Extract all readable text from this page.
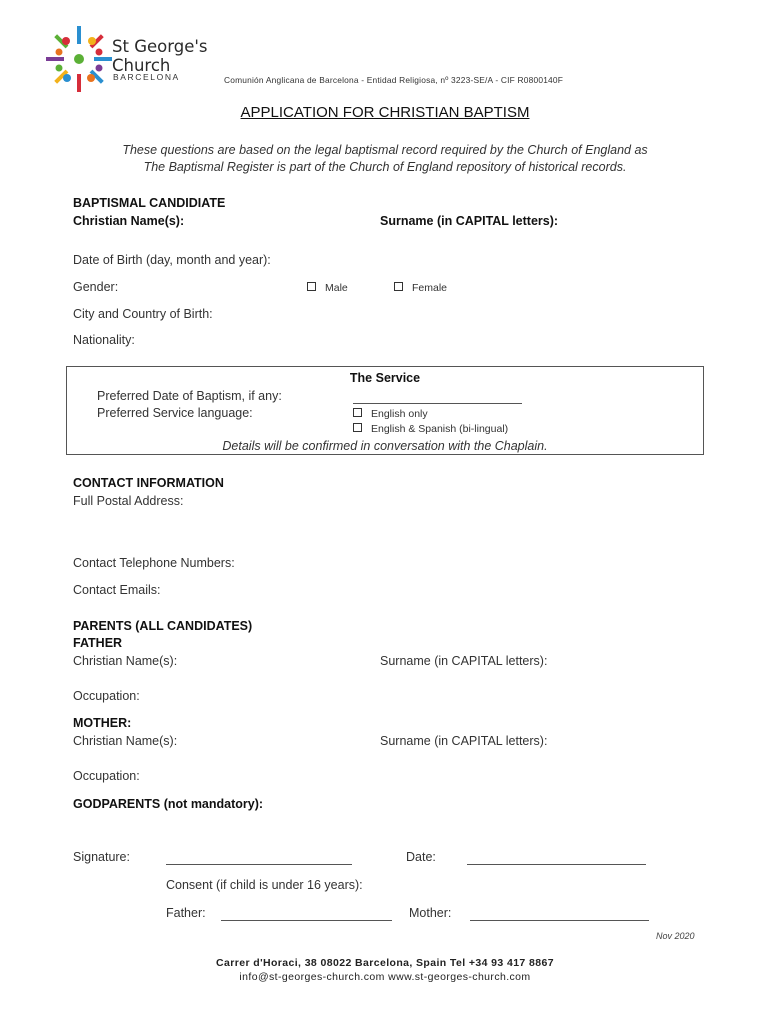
St George's
Church
BARCELONA	Comunión Anglicana de Barcelona - Entidad Religiosa, nº 3223-SE/A - CIF R0800140F
APPLICATION FOR CHRISTIAN BAPTISM
These questions are based on the legal baptismal record required by the Church of England as
The Baptismal Register is part of the Church of England repository of historical records.
BAPTISMAL CANDIDIATE
Christian Name(s):	Surname (in CAPITAL letters):
Date of Birth (day, month and year):
Gender:	Male	Female
City and Country of Birth:
Nationality:
The Service
Preferred Date of Baptism, if any:
Preferred Service language:	English only
English & Spanish (bi-lingual)
Details will be confirmed in conversation with the Chaplain.
CONTACT INFORMATION
Full Postal Address:
Contact Telephone Numbers:
Contact Emails:
PARENTS (ALL CANDIDATES)
FATHER
Christian Name(s):	Surname (in CAPITAL letters):
Occupation:
MOTHER:
Christian Name(s):	Surname (in CAPITAL letters):
Occupation:
GODPARENTS (not mandatory):
Signature:	Date:
Consent (if child is under 16 years):
Father:	Mother:
Nov 2020
Carrer d'Horaci, 38 08022 Barcelona, Spain Tel +34 93 417 8867
info@st-georges-church.com www.st-georges-church.com
